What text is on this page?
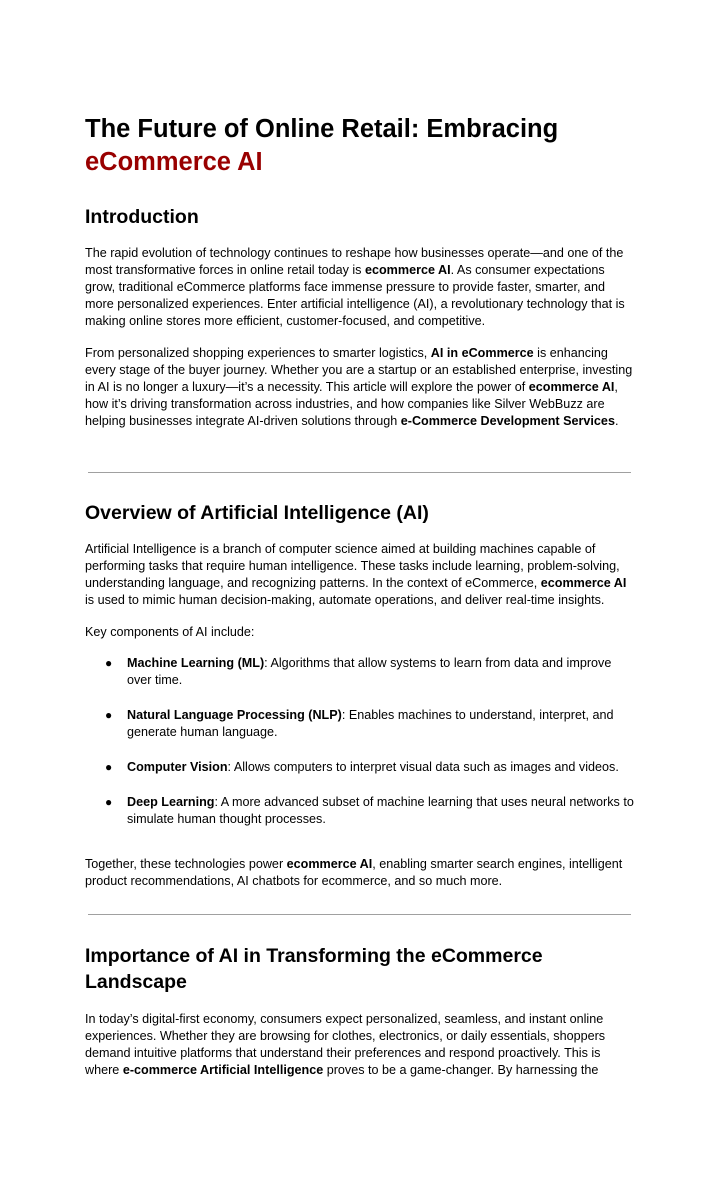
The Future of Online Retail: Embracing
eCommerce AI
Introduction

The rapid evolution of technology continues to reshape how businesses operate—and one of the most transformative forces in online retail today is ecommerce AI. As consumer expectations grow, traditional eCommerce platforms face immense pressure to provide faster, smarter, and more personalized experiences. Enter artificial intelligence (AI), a revolutionary technology that is making online stores more efficient, customer-focused, and competitive.

From personalized shopping experiences to smarter logistics, AI in eCommerce is enhancing every stage of the buyer journey. Whether you are a startup or an established enterprise, investing in AI is no longer a luxury—it’s a necessity. This article will explore the power of ecommerce AI, how it’s driving transformation across industries, and how companies like Silver WebBuzz are helping businesses integrate AI-driven solutions through e-Commerce Development Services.

Overview of Artificial Intelligence (AI)

Artificial Intelligence is a branch of computer science aimed at building machines capable of performing tasks that require human intelligence. These tasks include learning, problem-solving, understanding language, and recognizing patterns. In the context of eCommerce, ecommerce AI is used to mimic human decision-making, automate operations, and deliver real-time insights.

Key components of AI include:

● Machine Learning (ML): Algorithms that allow systems to learn from data and improve over time.
● Natural Language Processing (NLP): Enables machines to understand, interpret, and generate human language.
● Computer Vision: Allows computers to interpret visual data such as images and videos.
● Deep Learning: A more advanced subset of machine learning that uses neural networks to simulate human thought processes.

Together, these technologies power ecommerce AI, enabling smarter search engines, intelligent product recommendations, AI chatbots for ecommerce, and so much more.

Importance of AI in Transforming the eCommerce Landscape

In today’s digital-first economy, consumers expect personalized, seamless, and instant online experiences. Whether they are browsing for clothes, electronics, or daily essentials, shoppers demand intuitive platforms that understand their preferences and respond proactively. This is where e-commerce Artificial Intelligence proves to be a game-changer. By harnessing the
